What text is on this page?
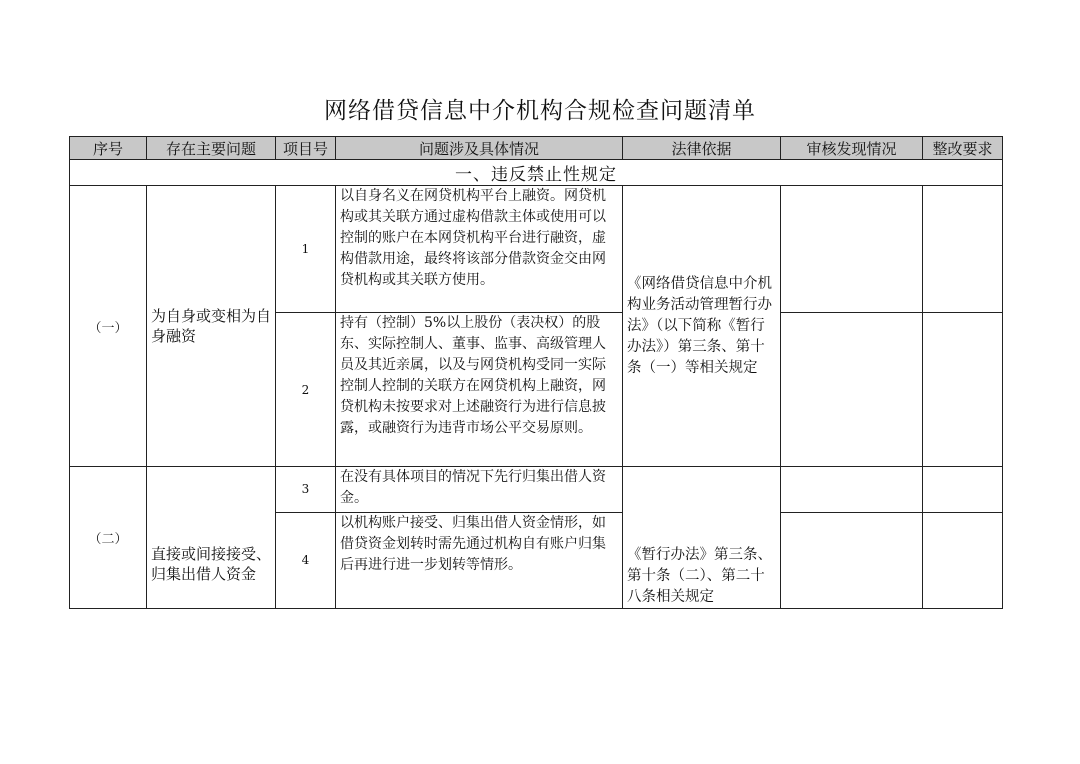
网络借贷信息中介机构合规检查问题清单
序号	存在主要问题	项目号	问题涉及具体情况	法律依据	审核发现情况	整改要求
一、违反禁止性规定						
（一）	为自身或变相为自身融资	1	以自身名义在网贷机构平台上融资。网贷机构或其关联方通过虚构借款主体或使用可以控制的账户在本网贷机构平台进行融资，虚构借款用途，最终将该部分借款资金交由网贷机构或其关联方使用。	《网络借贷信息中介机构业务活动管理暂行办法》（以下简称《暂行办法》）第三条、第十条（一）等相关规定		
		2	持有（控制）5%以上股份（表决权）的股东、实际控制人、董事、监事、高级管理人员及其近亲属，以及与网贷机构受同一实际控制人控制的关联方在网贷机构上融资，网贷机构未按要求对上述融资行为进行信息披露，或融资行为违背市场公平交易原则。			
（二）	直接或间接接受、归集出借人资金	3	在没有具体项目的情况下先行归集出借人资金。	《暂行办法》第三条、第十条（二）、第二十八条相关规定		

		4	以机构账户接受、归集出借人资金情形，如借贷资金划转时需先通过机构自有账户归集后再进行进一步划转等情形。			
